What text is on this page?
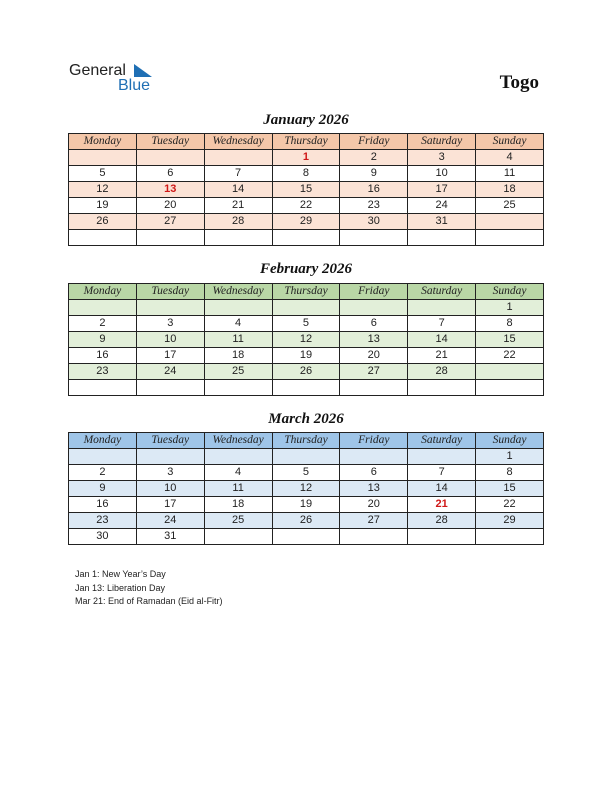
General
Blue	Togo
January 2026
Monday	Tuesday	Wednesday	Thursday	Friday	Saturday	Sunday
			1	2	3	4
5	6	7	8	9	10	11
12	13	14	15	16	17	18
19	20	21	22	23	24	25
26	27	28	29	30	31	

February 2026
Monday	Tuesday	Wednesday	Thursday	Friday	Saturday	Sunday
						1
2	3	4	5	6	7	8
9	10	11	12	13	14	15
16	17	18	19	20	21	22
23	24	25	26	27	28	

March 2026
Monday	Tuesday	Wednesday	Thursday	Friday	Saturday	Sunday
						1
2	3	4	5	6	7	8
9	10	11	12	13	14	15
16	17	18	19	20	21	22
23	24	25	26	27	28	29
30	31					
Jan 1: New Year’s Day
Jan 13: Liberation Day
Mar 21: End of Ramadan (Eid al-Fitr)
